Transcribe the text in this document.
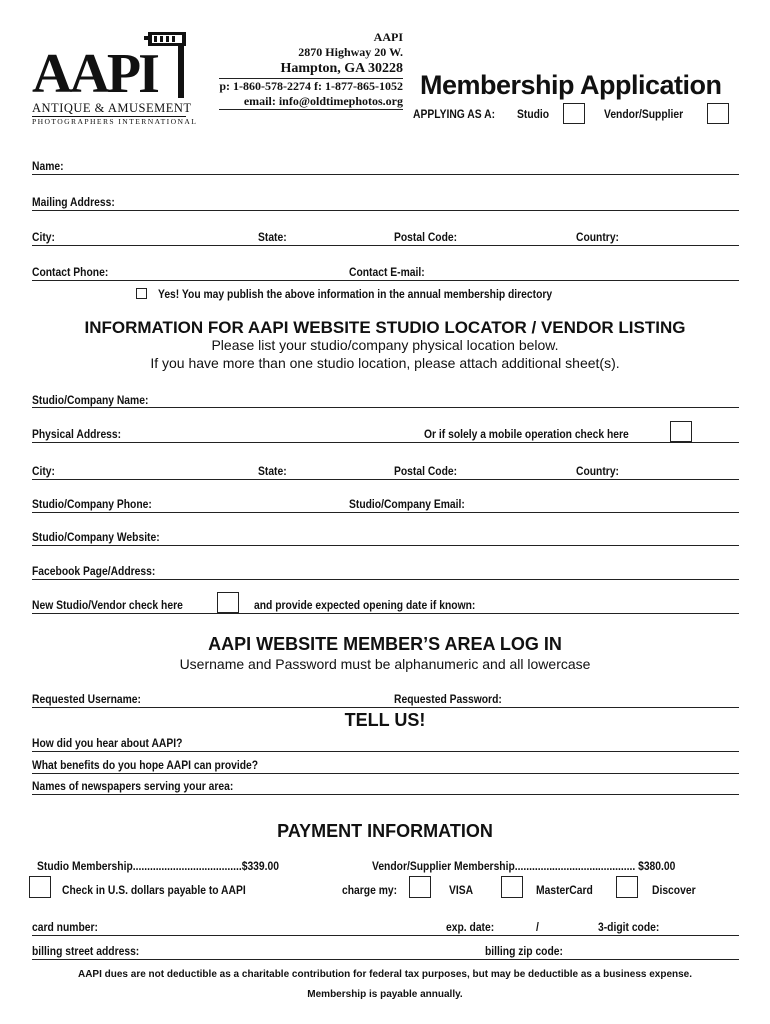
AAPI
ANTIQUE & AMUSEMENT
PHOTOGRAPHERS INTERNATIONAL
AAPI
2870 Highway 20 W.
Hampton, GA 30228
p: 1-860-578-2274 f: 1-877-865-1052
email: info@oldtimephotos.org
Membership Application
APPLYING AS A: Studio	Vendor/Supplier
Name:
Mailing Address:
City:	State:	Postal Code:	Country:
Contact Phone:	Contact E-mail:
Yes! You may publish the above information in the annual membership directory
INFORMATION FOR AAPI WEBSITE STUDIO LOCATOR / VENDOR LISTING
Please list your studio/company physical location below.
If you have more than one studio location, please attach additional sheet(s).
Studio/Company Name:
Physical Address:	Or if solely a mobile operation check here
City:	State:	Postal Code:	Country:
Studio/Company Phone:	Studio/Company Email:
Studio/Company Website:
Facebook Page/Address:
New Studio/Vendor check here	and provide expected opening date if known:
AAPI WEBSITE MEMBER’S AREA LOG IN
Username and Password must be alphanumeric and all lowercase
Requested Username:	Requested Password:
TELL US!
How did you hear about AAPI?
What benefits do you hope AAPI can provide?
Names of newspapers serving your area:
PAYMENT INFORMATION
Studio Membership......................................$339.00	Vendor/Supplier Membership.......................................... $380.00
Check in U.S. dollars payable to AAPI	charge my:	VISA	MasterCard	Discover
card number:	exp. date:	/	3-digit code:
billing street address:	billing zip code:
AAPI dues are not deductible as a charitable contribution for federal tax purposes, but may be deductible as a business expense.
Membership is payable annually.
